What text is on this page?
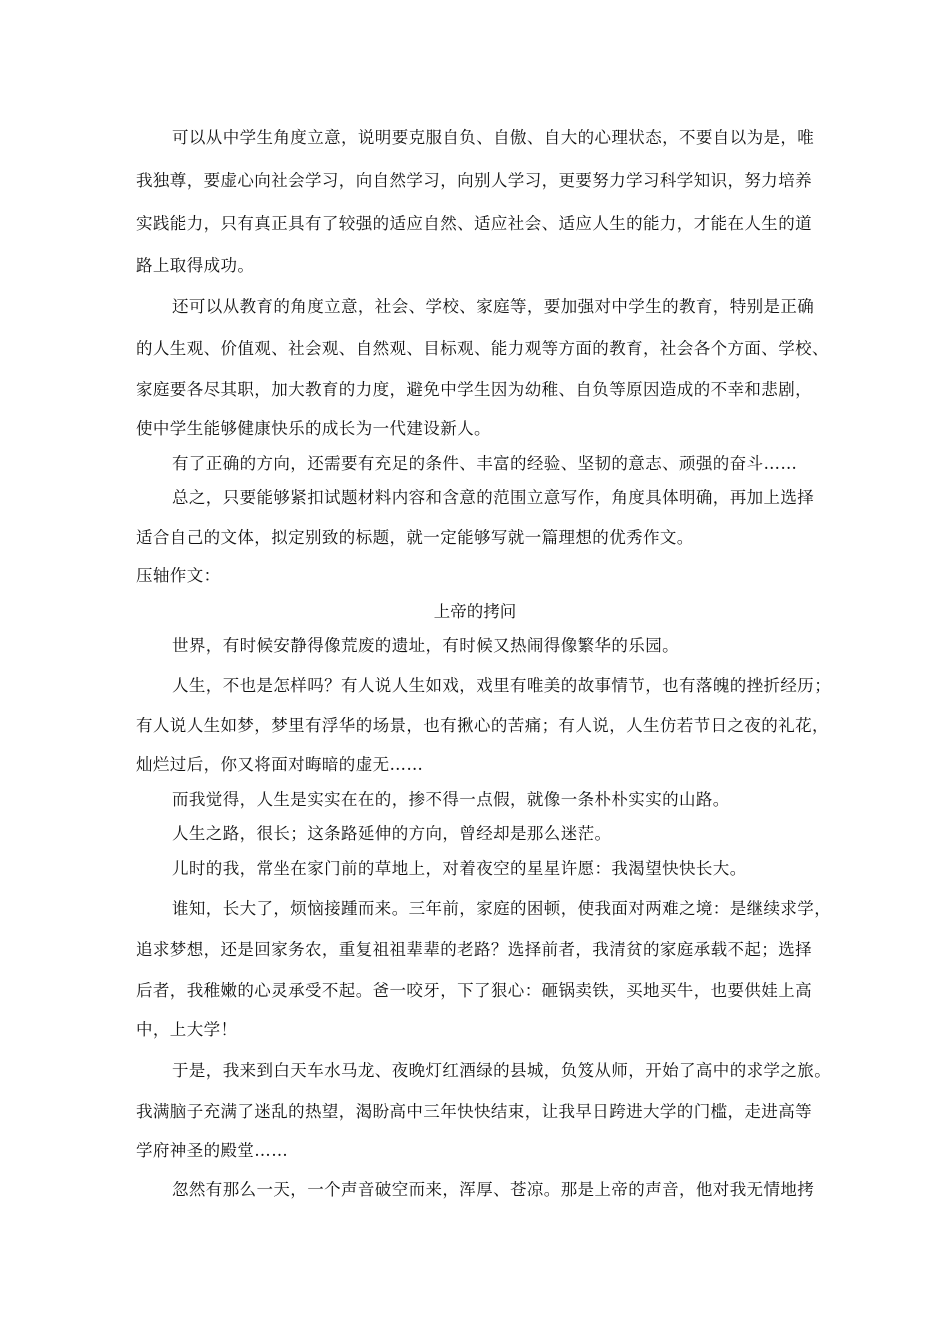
可以从中学生角度立意，说明要克服自负、自傲、自大的心理状态，不要自以为是，唯
我独尊，要虚心向社会学习，向自然学习，向别人学习，更要努力学习科学知识，努力培养
实践能力，只有真正具有了较强的适应自然、适应社会、适应人生的能力，才能在人生的道
路上取得成功。
还可以从教育的角度立意，社会、学校、家庭等，要加强对中学生的教育，特别是正确
的人生观、价值观、社会观、自然观、目标观、能力观等方面的教育，社会各个方面、学校、
家庭要各尽其职，加大教育的力度，避免中学生因为幼稚、自负等原因造成的不幸和悲剧，
使中学生能够健康快乐的成长为一代建设新人。
有了正确的方向，还需要有充足的条件、丰富的经验、坚韧的意志、顽强的奋斗……
总之，只要能够紧扣试题材料内容和含意的范围立意写作，角度具体明确，再加上选择
适合自己的文体，拟定别致的标题，就一定能够写就一篇理想的优秀作文。
压轴作文：
上帝的拷问
世界，有时候安静得像荒废的遗址，有时候又热闹得像繁华的乐园。
人生，不也是怎样吗？有人说人生如戏，戏里有唯美的故事情节，也有落魄的挫折经历；
有人说人生如梦，梦里有浮华的场景，也有揪心的苦痛；有人说，人生仿若节日之夜的礼花，
灿烂过后，你又将面对晦暗的虚无……
而我觉得，人生是实实在在的，掺不得一点假，就像一条朴朴实实的山路。
人生之路，很长；这条路延伸的方向，曾经却是那么迷茫。
儿时的我，常坐在家门前的草地上，对着夜空的星星许愿：我渴望快快长大。
谁知，长大了，烦恼接踵而来。三年前，家庭的困顿，使我面对两难之境：是继续求学，
追求梦想，还是回家务农，重复祖祖辈辈的老路？选择前者，我清贫的家庭承载不起；选择
后者，我稚嫩的心灵承受不起。爸一咬牙，下了狠心：砸锅卖铁，买地买牛，也要供娃上高
中，上大学！
于是，我来到白天车水马龙、夜晚灯红酒绿的县城，负笈从师，开始了高中的求学之旅。
我满脑子充满了迷乱的热望，渴盼高中三年快快结束，让我早日跨进大学的门槛，走进高等
学府神圣的殿堂……
忽然有那么一天，一个声音破空而来，浑厚、苍凉。那是上帝的声音，他对我无情地拷
